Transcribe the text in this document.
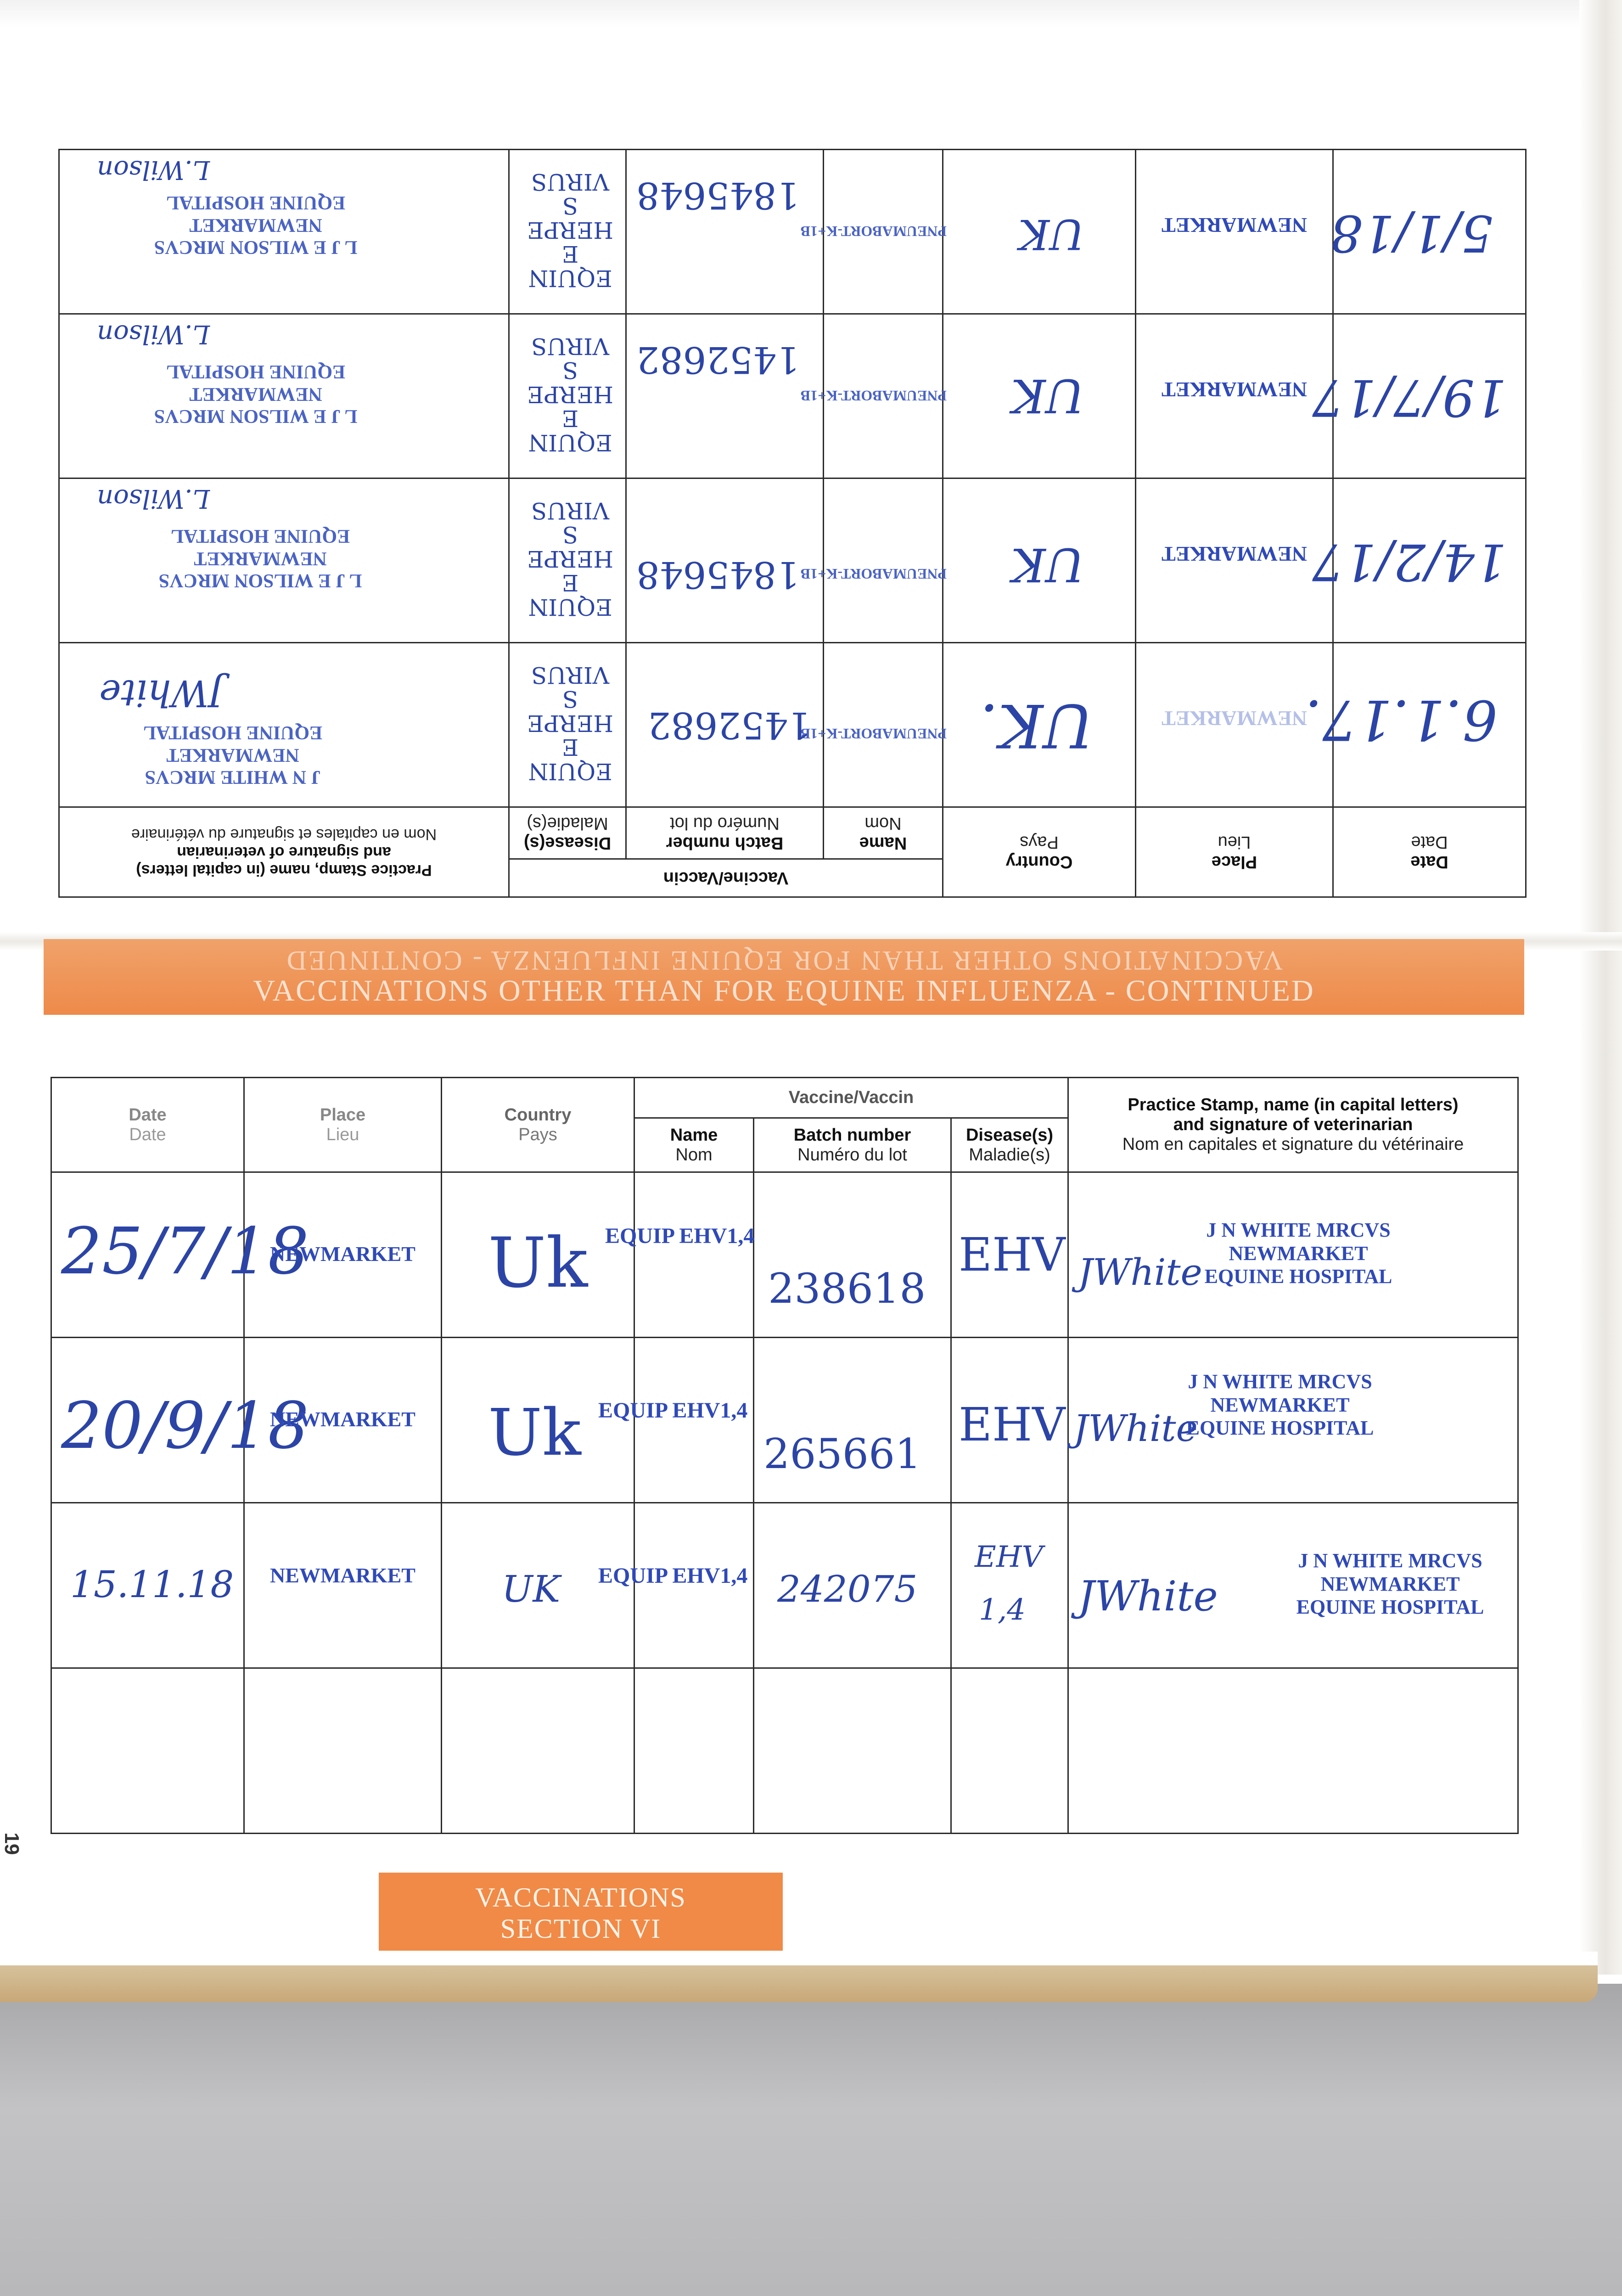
Date
Date	Place
Lieu	Country
Pays	Vaccine/Vaccin			Practice Stamp, name (in capital letters)
and signature of veterinarian
Nom en capitales et signature du vétérinaire

			Name
Nom	Batch number
Numéro du lot	Disease(s)
Maladie(s)	

6.1.17.	NEWMARKET	UK.	PNEUMABORT-K+1B	1452682	EQUINE HERPES VIRUS	J N WHITE MRCVS
NEWMARKET
EQUINE HOSPITAL
JWhite

14/2/17	NEWMARKET	UK	PNEUMABORT-K+1B	1845648	EQUINE HERPES VIRUS	L J E WILSON MRCVS
NEWMARKET
EQUINE HOSPITAL
L.Wilson

19/7/17	NEWMARKET	UK	PNEUMABORT-K+1B	1452682	EQUINE HERPES VIRUS	L J E WILSON MRCVS
NEWMARKET
EQUINE HOSPITAL
L.Wilson

5/1/18	NEWMARKET	UK	PNEUMABORT-K+1B	1845648	EQUINE HERPES VIRUS	L J E WILSON MRCVS
NEWMARKET
EQUINE HOSPITAL
L.Wilson
VACCINATIONS OTHER THAN FOR EQUINE INFLUENZA - CONTINUED
VACCINATIONS OTHER THAN FOR EQUINE INFLUENZA - CONTINUED
Date
Date	Place
Lieu	Country
Pays	Vaccine/Vaccin			Practice Stamp, name (in capital letters)
and signature of veterinarian
Nom en capitales et signature du vétérinaire

			Name
Nom	Batch number
Numéro du lot	Disease(s)
Maladie(s)	

25/7/18	NEWMARKET	Uk	EQUIP EHV1,4	238618	EHV	JWhite
J N WHITE MRCVS
NEWMARKET
EQUINE HOSPITAL

20/9/18	NEWMARKET	Uk	EQUIP EHV1,4	265661	EHV	JWhite
J N WHITE MRCVS
NEWMARKET
EQUINE HOSPITAL

15.11.18	NEWMARKET	UK	EQUIP EHV1,4	242075	EHV 1,4	JWhite
J N WHITE MRCVS
NEWMARKET
EQUINE HOSPITAL

19
VACCINATIONS
SECTION VI
